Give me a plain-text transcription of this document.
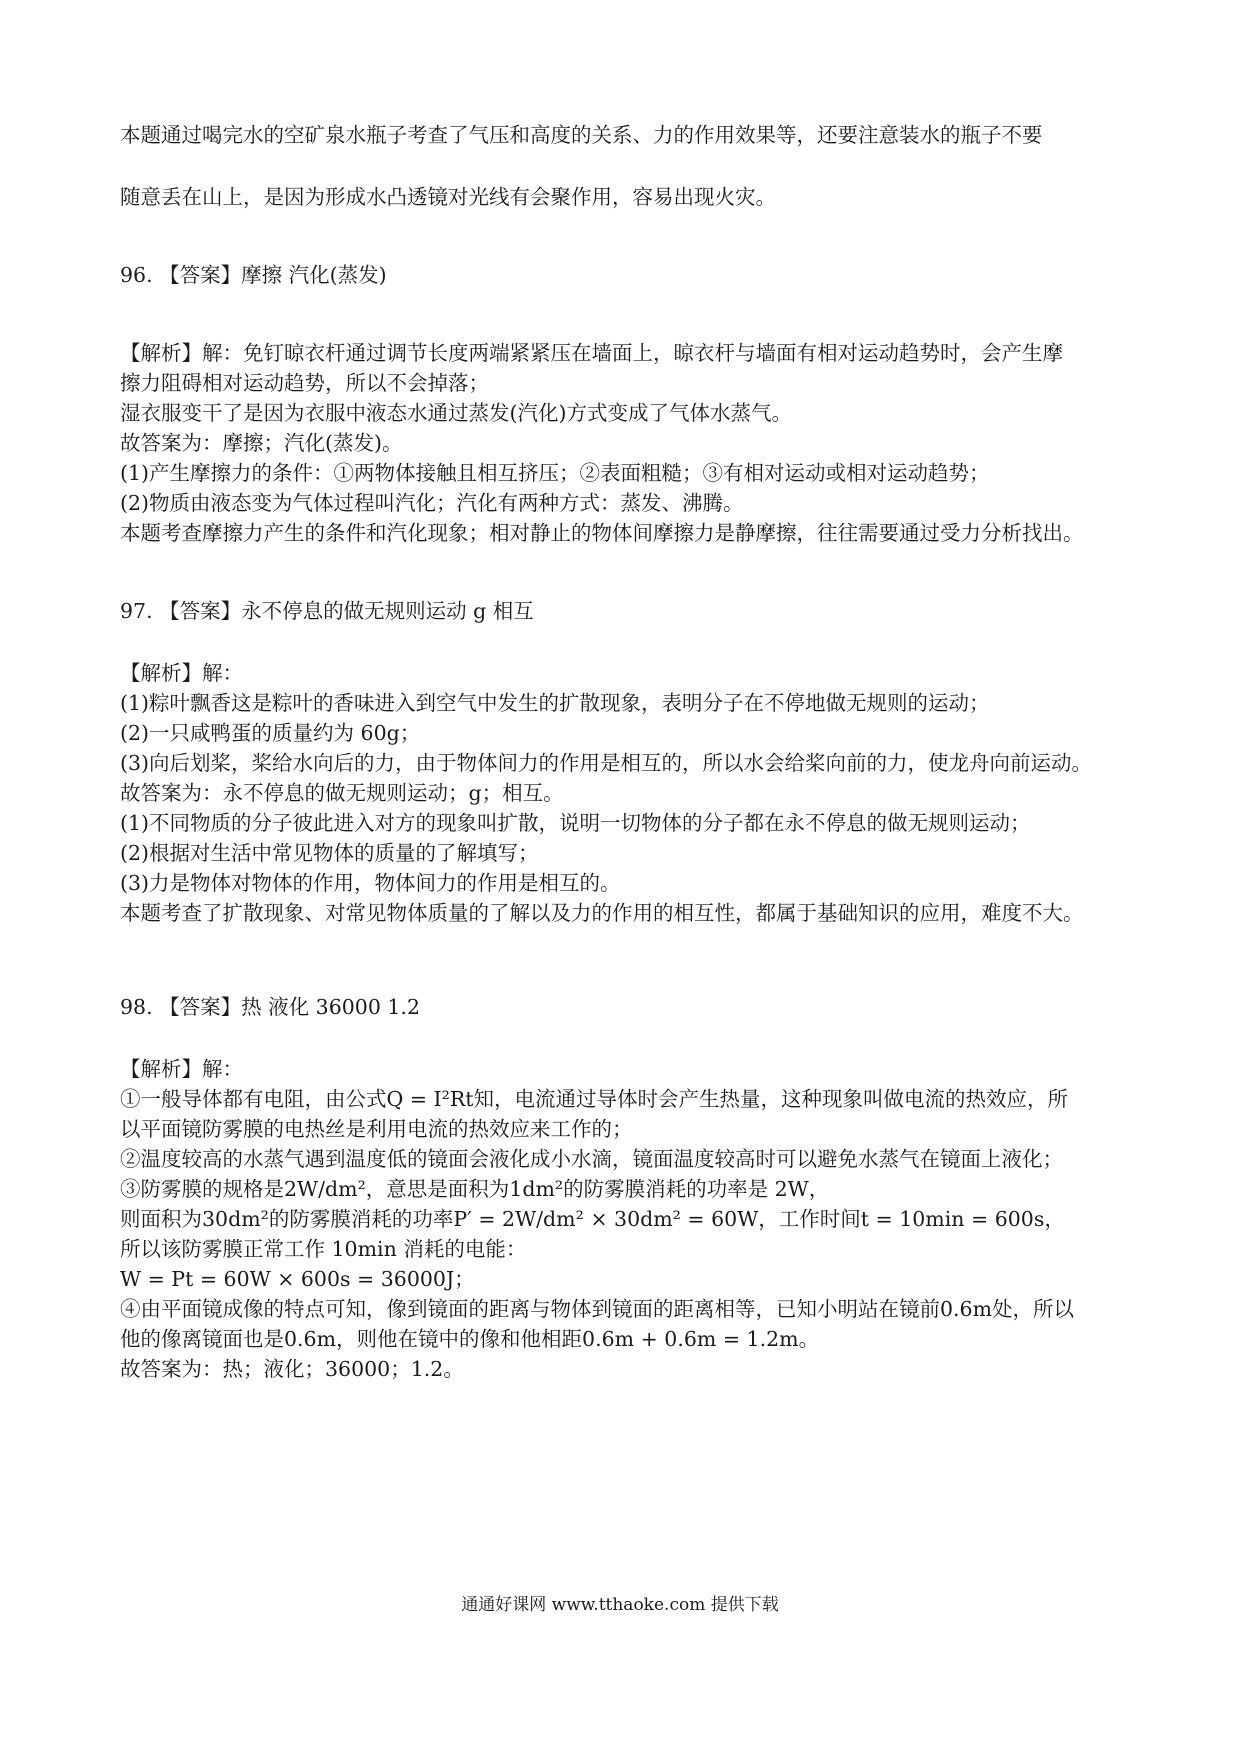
本题通过喝完水的空矿泉水瓶子考查了气压和高度的关系、力的作用效果等，还要注意装水的瓶子不要

随意丢在山上，是因为形成水凸透镜对光线有会聚作用，容易出现火灾。

96. 【答案】摩擦 汽化(蒸发)

【解析】解：免钉晾衣杆通过调节长度两端紧紧压在墙面上，晾衣杆与墙面有相对运动趋势时，会产生摩

擦力阻碍相对运动趋势，所以不会掉落；

湿衣服变干了是因为衣服中液态水通过蒸发(汽化)方式变成了气体水蒸气。

故答案为：摩擦；汽化(蒸发)。

(1)产生摩擦力的条件：①两物体接触且相互挤压；②表面粗糙；③有相对运动或相对运动趋势；

(2)物质由液态变为气体过程叫汽化；汽化有两种方式：蒸发、沸腾。

本题考查摩擦力产生的条件和汽化现象；相对静止的物体间摩擦力是静摩擦，往往需要通过受力分析找出。

97. 【答案】永不停息的做无规则运动 g 相互

【解析】解：

(1)粽叶飘香这是粽叶的香味进入到空气中发生的扩散现象，表明分子在不停地做无规则的运动；

(2)一只咸鸭蛋的质量约为 60g；

(3)向后划桨，桨给水向后的力，由于物体间力的作用是相互的，所以水会给桨向前的力，使龙舟向前运动。

故答案为：永不停息的做无规则运动；g；相互。

(1)不同物质的分子彼此进入对方的现象叫扩散，说明一切物体的分子都在永不停息的做无规则运动；

(2)根据对生活中常见物体的质量的了解填写；

(3)力是物体对物体的作用，物体间力的作用是相互的。

本题考查了扩散现象、对常见物体质量的了解以及力的作用的相互性，都属于基础知识的应用，难度不大。

98. 【答案】热 液化 36000 1.2

【解析】解：

①一般导体都有电阻，由公式Q = I²Rt知，电流通过导体时会产生热量，这种现象叫做电流的热效应，所

以平面镜防雾膜的电热丝是利用电流的热效应来工作的；

②温度较高的水蒸气遇到温度低的镜面会液化成小水滴，镜面温度较高时可以避免水蒸气在镜面上液化；

③防雾膜的规格是2W/dm²，意思是面积为1dm²的防雾膜消耗的功率是 2W，

则面积为30dm²的防雾膜消耗的功率P′ = 2W/dm² × 30dm² = 60W，工作时间t = 10min = 600s，

所以该防雾膜正常工作 10min 消耗的电能：

W = Pt = 60W × 600s = 36000J；

④由平面镜成像的特点可知，像到镜面的距离与物体到镜面的距离相等，已知小明站在镜前0.6m处，所以

他的像离镜面也是0.6m，则他在镜中的像和他相距0.6m + 0.6m = 1.2m。

故答案为：热；液化；36000；1.2。

通通好课网 www.tthaoke.com 提供下载
